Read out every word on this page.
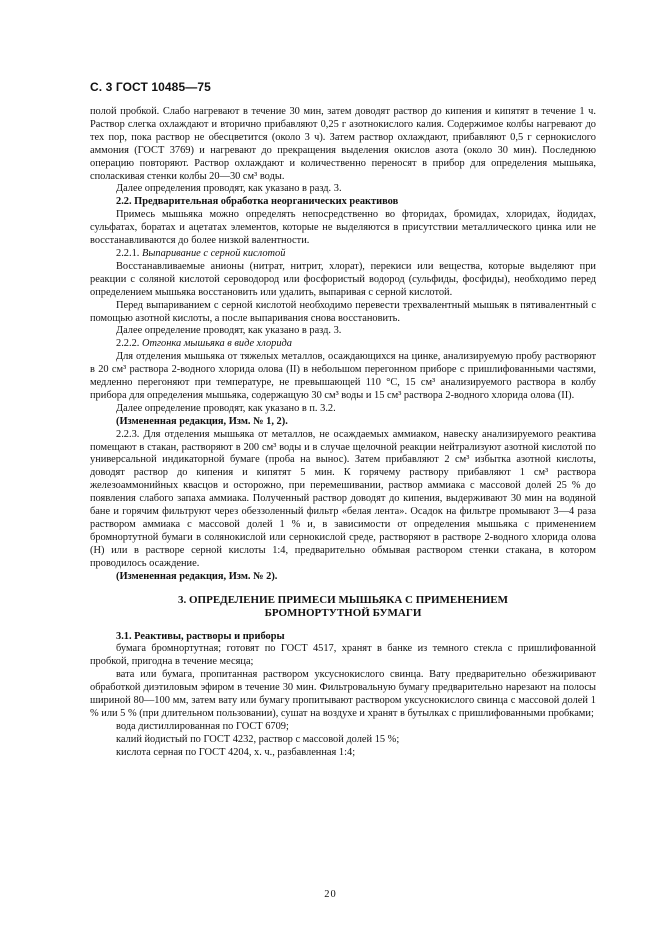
С. 3 ГОСТ 10485—75

полой пробкой. Слабо нагревают в течение 30 мин, затем доводят раствор до кипения и кипятят в течение 1 ч. Раствор слегка охлаждают и вторично прибавляют 0,25 г азотнокислого калия. Содержимое колбы нагревают до тех пор, пока раствор не обесцветится (около 3 ч). Затем раствор охлаждают, прибавляют 0,5 г сернокислого аммония (ГОСТ 3769) и нагревают до прекращения выделения окислов азота (около 30 мин). Последнюю операцию повторяют. Раствор охлаждают и количественно переносят в прибор для определения мышьяка, споласкивая стенки колбы 20—30 см³ воды.

Далее определения проводят, как указано в разд. 3.

2.2. Предварительная обработка неорганических реактивов

Примесь мышьяка можно определять непосредственно во фторидах, бромидах, хлоридах, йодидах, сульфатах, боратах и ацетатах элементов, которые не выделяются в присутствии металлического цинка или не восстанавливаются до более низкой валентности.

2.2.1. Выпаривание с серной кислотой

Восстанавливаемые анионы (нитрат, нитрит, хлорат), перекиси или вещества, которые выделяют при реакции с соляной кислотой сероводород или фосфористый водород (сульфиды, фосфиды), необходимо перед определением мышьяка восстановить или удалить, выпаривая с серной кислотой.

Перед выпариванием с серной кислотой необходимо перевести трехвалентный мышьяк в пятивалентный с помощью азотной кислоты, а после выпаривания снова восстановить.

Далее определение проводят, как указано в разд. 3.

2.2.2. Отгонка мышьяка в виде хлорида

Для отделения мышьяка от тяжелых металлов, осаждающихся на цинке, анализируемую пробу растворяют в 20 см³ раствора 2-водного хлорида олова (II) в небольшом перегонном приборе с пришлифованными частями, медленно перегоняют при температуре, не превышающей 110 °С, 15 см³ анализируемого раствора в колбу прибора для определения мышьяка, содержащую 30 см³ воды и 15 см³ раствора 2-водного хлорида олова (II).

Далее определение проводят, как указано в п. 3.2.

(Измененная редакция, Изм. № 1, 2).

2.2.3. Для отделения мышьяка от металлов, не осаждаемых аммиаком, навеску анализируемого реактива помещают в стакан, растворяют в 200 см³ воды и в случае щелочной реакции нейтрализуют азотной кислотой по универсальной индикаторной бумаге (проба на вынос). Затем прибавляют 2 см³ избытка азотной кислоты, доводят раствор до кипения и кипятят 5 мин. К горячему раствору прибавляют 1 см³ раствора железоаммонийных квасцов и осторожно, при перемешивании, раствор аммиака с массовой долей 25 % до появления слабого запаха аммиака. Полученный раствор доводят до кипения, выдерживают 30 мин на водяной бане и горячим фильтруют через обеззоленный фильтр «белая лента». Осадок на фильтре промывают 3—4 раза раствором аммиака с массовой долей 1 % и, в зависимости от определения мышьяка с применением бромнортутной бумаги в солянокислой или сернокислой среде, растворяют в растворе 2-водного хлорида олова (Н) или в растворе серной кислоты 1:4, предварительно обмывая раствором стенки стакана, в котором проводилось осаждение.

(Измененная редакция, Изм. № 2).

3. ОПРЕДЕЛЕНИЕ ПРИМЕСИ МЫШЬЯКА С ПРИМЕНЕНИЕМ
БРОМНОРТУТНОЙ БУМАГИ

3.1. Реактивы, растворы и приборы

бумага бромнортутная; готовят по ГОСТ 4517, хранят в банке из темного стекла с пришлифованной пробкой, пригодна в течение месяца;

вата или бумага, пропитанная раствором уксуснокислого свинца. Вату предварительно обезжиривают обработкой диэтиловым эфиром в течение 30 мин. Фильтровальную бумагу предварительно нарезают на полосы шириной 80—100 мм, затем вату или бумагу пропитывают раствором уксуснокислого свинца с массовой долей 1 % или 5 % (при длительном пользовании), сушат на воздухе и хранят в бутылках с пришлифованными пробками;

вода дистиллированная по ГОСТ 6709;

калий йодистый по ГОСТ 4232, раствор с массовой долей 15 %;

кислота серная по ГОСТ 4204, х. ч., разбавленная 1:4;

20
